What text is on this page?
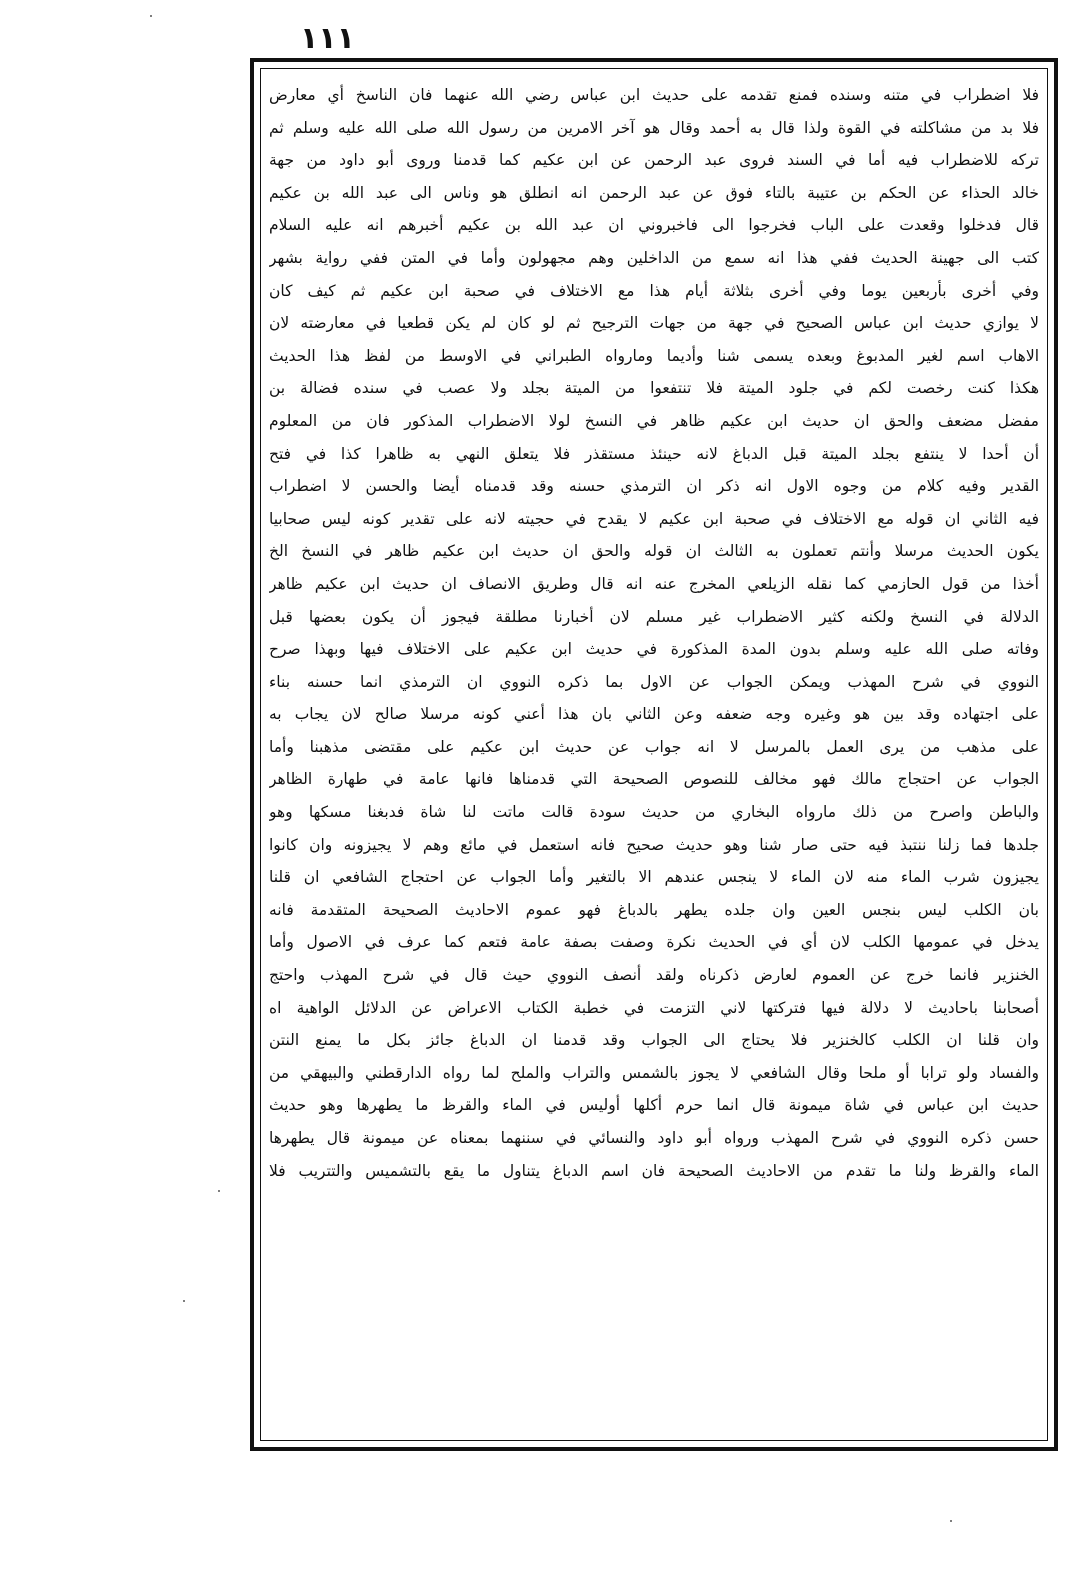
١١١
فلا اضطراب في متنه وسنده فمنع تقدمه على حديث ابن عباس رضي الله عنهما فان الناسخ أي معارض
فلا بد من مشاكلته في القوة ولذا قال به أحمد وقال هو آخر الامرين من رسول الله صلى الله عليه وسلم ثم
تركه للاضطراب فيه أما في السند فروى عبد الرحمن عن ابن عكيم كما قدمنا وروى أبو داود من جهة
خالد الحذاء عن الحكم بن عتيبة بالتاء فوق عن عبد الرحمن انه انطلق هو وناس الى عبد الله بن عكيم
قال فدخلوا وقعدت على الباب فخرجوا الى فاخبروني ان عبد الله بن عكيم أخبرهم انه عليه السلام
كتب الى جهينة الحديث ففي هذا انه سمع من الداخلين وهم مجهولون وأما في المتن ففي رواية بشهر
وفي أخرى بأربعين يوما وفي أخرى بثلاثة أيام هذا مع الاختلاف في صحبة ابن عكيم ثم كيف كان
لا يوازي حديث ابن عباس الصحيح في جهة من جهات الترجيح ثم لو كان لم يكن قطعيا في معارضته لان
الاهاب اسم لغير المدبوغ وبعده يسمى شنا وأديما ومارواه الطبراني في الاوسط من لفظ هذا الحديث
هكذا كنت رخصت لكم في جلود الميتة فلا تنتفعوا من الميتة بجلد ولا عصب في سنده فضالة بن
مفضل مضعف والحق ان حديث ابن عكيم ظاهر في النسخ لولا الاضطراب المذكور فان من المعلوم
أن أحدا لا ينتفع بجلد الميتة قبل الدباغ لانه حينئذ مستقذر فلا يتعلق النهي به ظاهرا كذا في فتح
القدير وفيه كلام من وجوه الاول انه ذكر ان الترمذي حسنه وقد قدمناه أيضا والحسن لا اضطراب
فيه الثاني ان قوله مع الاختلاف في صحبة ابن عكيم لا يقدح في حجيته لانه على تقدير كونه ليس صحابيا
يكون الحديث مرسلا وأنتم تعملون به الثالث ان قوله والحق ان حديث ابن عكيم ظاهر في النسخ الخ
أخذا من قول الحازمي كما نقله الزيلعي المخرج عنه انه قال وطريق الانصاف ان حديث ابن عكيم ظاهر
الدلالة في النسخ ولكنه كثير الاضطراب غير مسلم لان أخبارنا مطلقة فيجوز أن يكون بعضها قبل
وفاته صلى الله عليه وسلم بدون المدة المذكورة في حديث ابن عكيم على الاختلاف فيها وبهذا صرح
النووي في شرح المهذب ويمكن الجواب عن الاول بما ذكره النووي ان الترمذي انما حسنه بناء
على اجتهاده وقد بين هو وغيره وجه ضعفه وعن الثاني بان هذا أعني كونه مرسلا صالح لان يجاب به
على مذهب من يرى العمل بالمرسل لا انه جواب عن حديث ابن عكيم على مقتضى مذهبنا وأما
الجواب عن احتجاج مالك فهو مخالف للنصوص الصحيحة التي قدمناها فانها عامة في طهارة الظاهر
والباطن واصرح من ذلك مارواه البخاري من حديث سودة قالت ماتت لنا شاة فدبغنا مسكها وهو
جلدها فما زلنا ننتبذ فيه حتى صار شنا وهو حديث صحيح فانه استعمل في مائع وهم لا يجيزونه وان كانوا
يجيزون شرب الماء منه لان الماء لا ينجس عندهم الا بالتغير وأما الجواب عن احتجاج الشافعي ان قلنا
بان الكلب ليس بنجس العين وان جلده يطهر بالدباغ فهو عموم الاحاديث الصحيحة المتقدمة فانه
يدخل في عمومها الكلب لان أي في الحديث نكرة وصفت بصفة عامة فتعم كما عرف في الاصول وأما
الخنزير فانما خرج عن العموم لعارض ذكرناه ولقد أنصف النووي حيث قال في شرح المهذب واحتج
أصحابنا باحاديث لا دلالة فيها فتركتها لاني التزمت في خطبة الكتاب الاعراض عن الدلائل الواهية اه
وان قلنا ان الكلب كالخنزير فلا يحتاج الى الجواب وقد قدمنا ان الدباغ جائز بكل ما يمنع النتن
والفساد ولو ترابا أو ملحا وقال الشافعي لا يجوز بالشمس والتراب والملح لما رواه الدارقطني والبيهقي من
حديث ابن عباس في شاة ميمونة قال انما حرم أكلها أوليس في الماء والقرظ ما يطهرها وهو حديث
حسن ذكره النووي في شرح المهذب ورواه أبو داود والنسائي في سننهما بمعناه عن ميمونة قال يطهرها
الماء والقرظ ولنا ما تقدم من الاحاديث الصحيحة فان اسم الدباغ يتناول ما يقع بالتشميس والتتريب فلا
